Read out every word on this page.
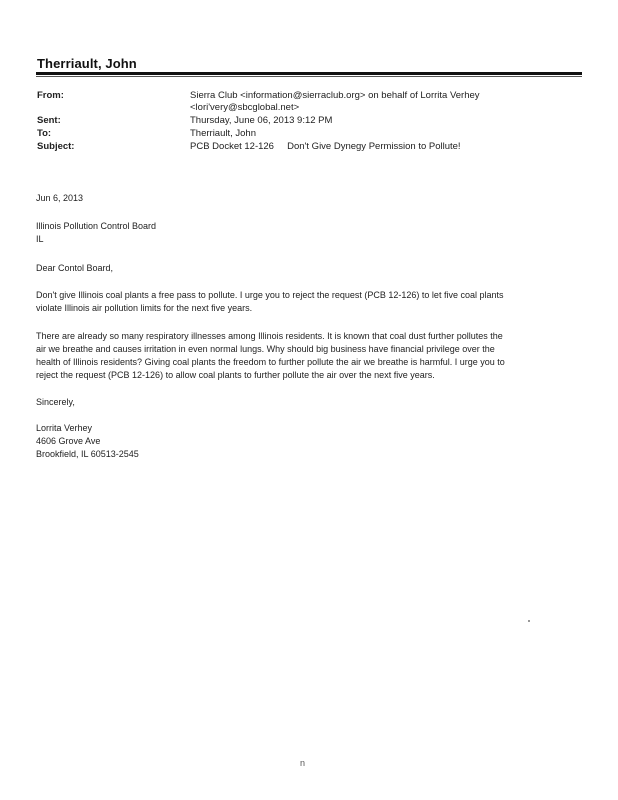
Therriault, John
From:	Sierra Club <information@sierraclub.org> on behalf of Lorrita Verhey
<lori'very@sbcglobal.net>
Sent:	Thursday, June 06, 2013 9:12 PM
To:	Therriault, John
Subject:	PCB Docket 12-126     Don't Give Dynegy Permission to Pollute!
Jun 6, 2013
Illinois Pollution Control Board
IL
Dear Contol Board,
Don't give Illinois coal plants a free pass to pollute. I urge you to reject the request (PCB 12-126) to let five coal plants
violate Illinois air pollution limits for the next five years.
There are already so many respiratory illnesses among Illinois residents. It is known that coal dust further pollutes the
air we breathe and causes irritation in even normal lungs. Why should big business have financial privilege over the
health of Illinois residents? Giving coal plants the freedom to further pollute the air we breathe is harmful. I urge you to
reject the request (PCB 12-126) to allow coal plants to further pollute the air over the next five years.
Sincerely,
Lorrita Verhey
4606 Grove Ave
Brookfield, IL 60513-2545
n
